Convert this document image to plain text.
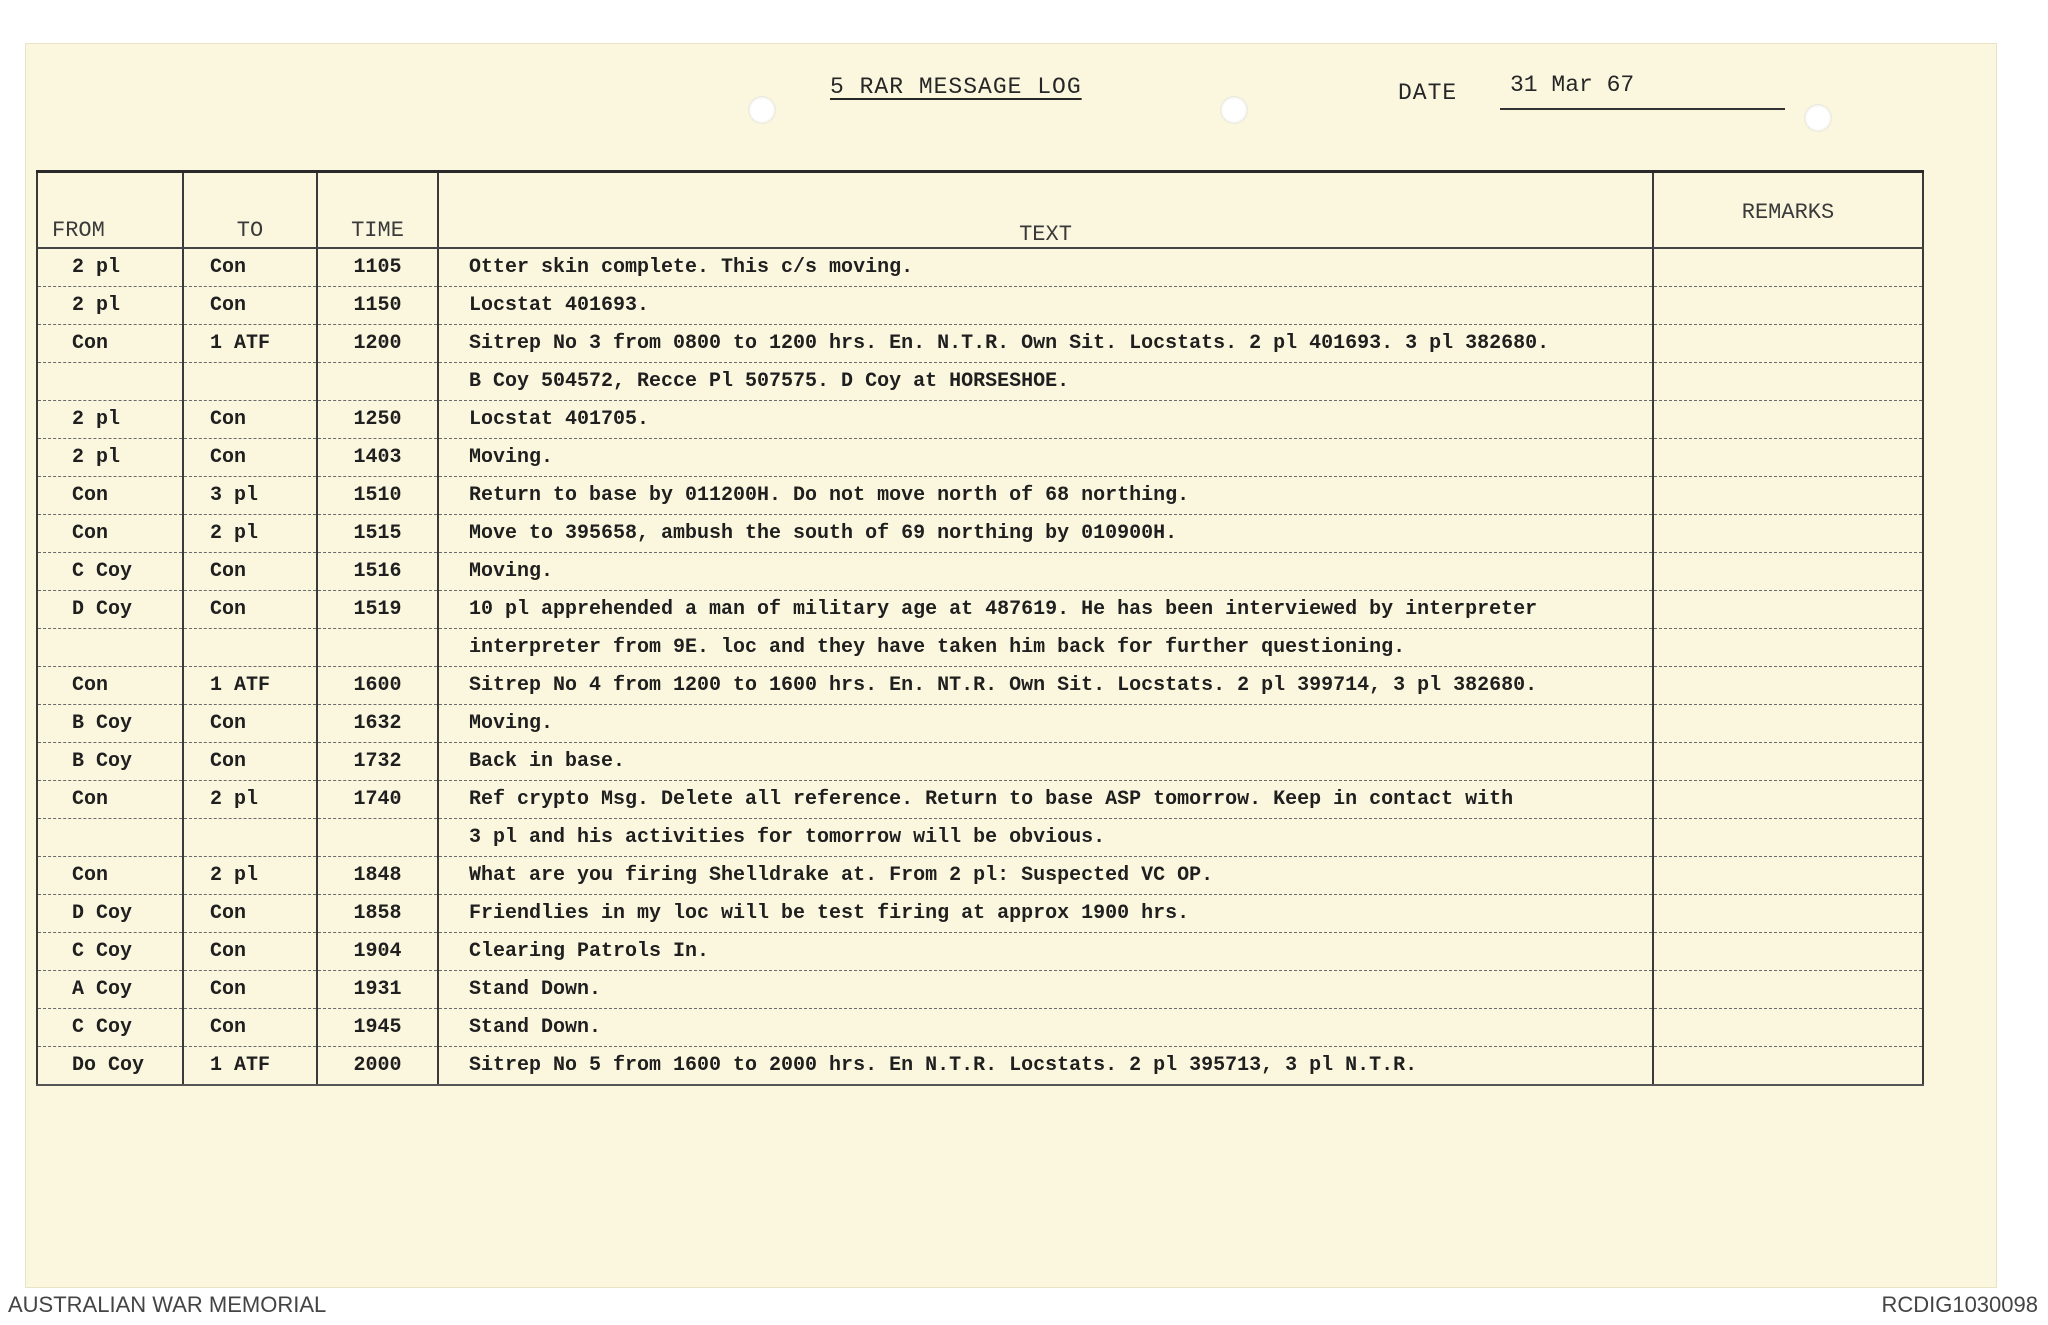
5 RAR MESSAGE LOG	DATE 31 Mar 67
FROM	TO	TIME	TEXT	REMARKS
2 pl	Con	1105	Otter skin complete. This c/s moving.	
2 pl	Con	1150	Locstat 401693.	
Con	1 ATF	1200	Sitrep No 3 from 0800 to 1200 hrs. En. N.T.R. Own Sit. Locstats. 2 pl 401693. 3 pl 382680.	
			B Coy 504572, Recce Pl 507575. D Coy at HORSESHOE.	
2 pl	Con	1250	Locstat 401705.	
2 pl	Con	1403	Moving.	
Con	3 pl	1510	Return to base by 011200H. Do not move north of 68 northing.	
Con	2 pl	1515	Move to 395658, ambush the south of 69 northing by 010900H.	
C Coy	Con	1516	Moving.	
D Coy	Con	1519	10 pl apprehended a man of military age at 487619. He has been interviewed by interpreter	
			interpreter from 9E. loc and they have taken him back for further questioning.	
Con	1 ATF	1600	Sitrep No 4 from 1200 to 1600 hrs. En. NT.R. Own Sit. Locstats. 2 pl 399714, 3 pl 382680.	
B Coy	Con	1632	Moving.	
B Coy	Con	1732	Back in base.	
Con	2 pl	1740	Ref crypto Msg. Delete all reference. Return to base ASP tomorrow. Keep in contact with	
			3 pl and his activities for tomorrow will be obvious.	
Con	2 pl	1848	What are you firing Shelldrake at. From 2 pl: Suspected VC OP.	
D Coy	Con	1858	Friendlies in my loc will be test firing at approx 1900 hrs.	
C Coy	Con	1904	Clearing Patrols In.	
A Coy	Con	1931	Stand Down.	
C Coy	Con	1945	Stand Down.	
Do Coy	1 ATF	2000	Sitrep No 5 from 1600 to 2000 hrs. En N.T.R. Locstats. 2 pl 395713, 3 pl N.T.R.	
AUSTRALIAN WAR MEMORIAL	RCDIG1030098
